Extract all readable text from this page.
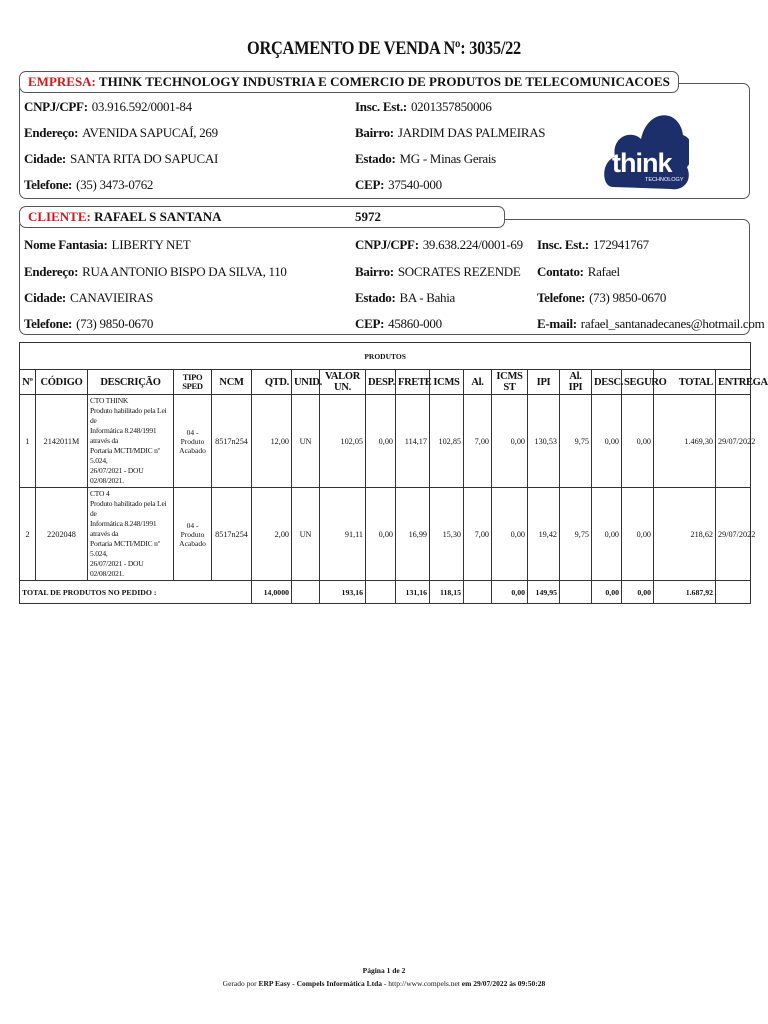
ORÇAMENTO DE VENDA Nº: 3035/22
EMPRESA: THINK TECHNOLOGY INDUSTRIA E COMERCIO DE PRODUTOS DE TELECOMUNICACOES
CNPJ/CPF: 03.916.592/0001-84	Insc. Est.: 0201357850006
Endereço: AVENIDA SAPUCAÍ, 269	Bairro: JARDIM DAS PALMEIRAS
Cidade: SANTA RITA DO SAPUCAI	Estado: MG - Minas Gerais
Telefone: (35) 3473-0762	CEP: 37540-000
think
TECHNOLOGY
CLIENTE: RAFAEL S SANTANA	5972
Nome Fantasia: LIBERTY NET	CNPJ/CPF: 39.638.224/0001-69 Insc. Est.: 172941767
Endereço: RUA ANTONIO BISPO DA SILVA, 110	Bairro: SOCRATES REZENDE Contato: Rafael
Cidade: CANAVIEIRAS	Estado: BA - Bahia	Telefone: (73) 9850-0670
Telefone: (73) 9850-0670	CEP: 45860-000	E-mail: rafael_santanadecanes@hotmail.com
PRODUTOS																		
Nº	CÓDIGO	DESCRIÇÃO	TIPO SPED	NCM	QTD.	UNID.	VALOR UN.	DESP.	FRETE	ICMS	Al.	ICMS ST	IPI	Al. IPI	DESC.	SEGURO	TOTAL	ENTREGA
1	2142011M	CTO THINK
Produto habilitado pela Lei de
Informática 8.248/1991 através da
Portaria MCTI/MDIC nº 5.024,
26/07/2021 - DOU 02/08/2021.	04 - Produto Acabado	8517n254	12,00	UN	102,05	0,00	114,17	102,85	7,00	0,00	130,53	9,75	0,00	0,00	1.469,30	29/07/2022
2	2202048	CTO 4
Produto habilitado pela Lei de
Informática 8.248/1991 através da
Portaria MCTI/MDIC nº 5.024,
26/07/2021 - DOU 02/08/2021.	04 - Produto Acabado	8517n254	2,00	UN	91,11	0,00	16,99	15,30	7,00	0,00	19,42	9,75	0,00	0,00	218,62	29/07/2022
TOTAL DE PRODUTOS NO PEDIDO :					14,0000		193,16		131,16	118,15		0,00	149,95		0,00	0,00	1.687,92	
Página 1 de 2
Gerado por ERP Easy - Compels Informática Ltda - http://www.compels.net em 29/07/2022 às 09:50:28
